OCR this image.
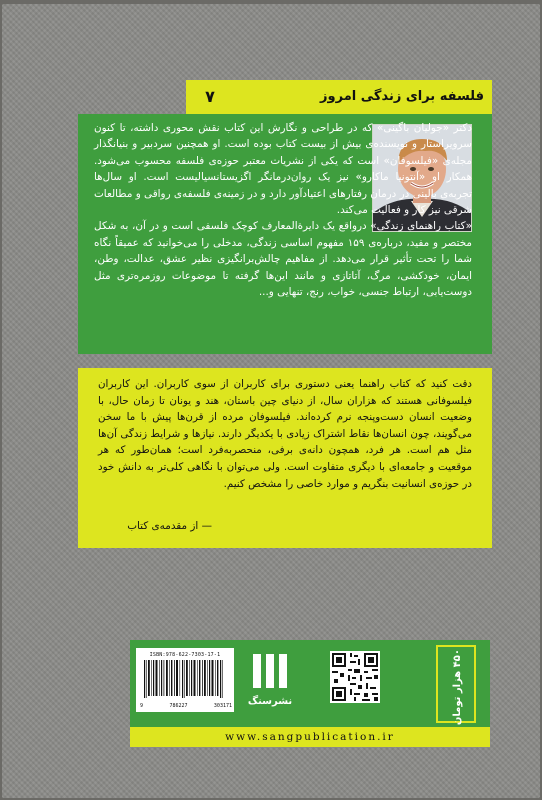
۷	فلسفه برای زندگی امروز
دکتر «جولیان باگینی» که در طراحی و نگارش این کتاب نقش محوری داشته، تا کنون سرویراستار و نویسنده‌ی بیش از بیست کتاب بوده است. او همچنین سردبیر و بنیانگذار مجله‌ی «فیلسوفان» است که یکی از نشریات معتبر حوزه‌ی فلسفه محسوب می‌شود. همکار او «آنتونیا ماکارو» نیز یک روان‌درمانگر اگزیستانسیالیست است. او سال‌ها تجربه‌ی بالینی در درمان رفتارهای اعتیادآور دارد و در زمینه‌ی فلسفه‌ی رواقی و مطالعات شرقی نیز کار و فعالیت می‌کند.
«کتاب راهنمای زندگی» درواقع یک دایرةالمعارف کوچک فلسفی است و در آن، به شکل مختصر و مفید، درباره‌ی ۱۵۹ مفهوم اساسی زندگی، مدخلی را می‌خوانید که عمیقاً نگاه شما را تحت تأثیر قرار می‌دهد. از مفاهیم چالش‌برانگیزی نظیر عشق، عدالت، وطن، ایمان، خودکشی، مرگ، آتاتازی و مانند این‌ها گرفته تا موضوعات روزمره‌تری مثل دوست‌یابی، ارتباط جنسی، خواب، رنج، تنهایی و...
دقت کنید که کتاب راهنما یعنی دستوری برای کاربران از سوی کاربران. این کاربران فیلسوفانی هستند که هزاران سال، از دنیای چین باستان، هند و یونان تا زمان حال، با وضعیت انسان دست‌وپنجه نرم کرده‌اند. فیلسوفان مرده از قرن‌ها پیش با ما سخن می‌گویند، چون انسان‌ها نقاط اشتراک زیادی با یکدیگر دارند. نیازها و شرایط زندگی آن‌ها مثل هم است. هر فرد، همچون دانه‌ی برفی، منحصربه‌فرد است؛ همان‌طور که هر موقعیت و جامعه‌ای با دیگری متفاوت است. ولی می‌توان با نگاهی کلی‌تر به دانش خود در حوزه‌ی انسانیت بنگریم و موارد خاصی را مشخص کنیم.
— از مقدمه‌ی کتاب
ISBN:978-622-7303-17-1
9	786227	303171	نشرسنگ	۴۵۰ هزار تومان
www.sangpublication.ir
